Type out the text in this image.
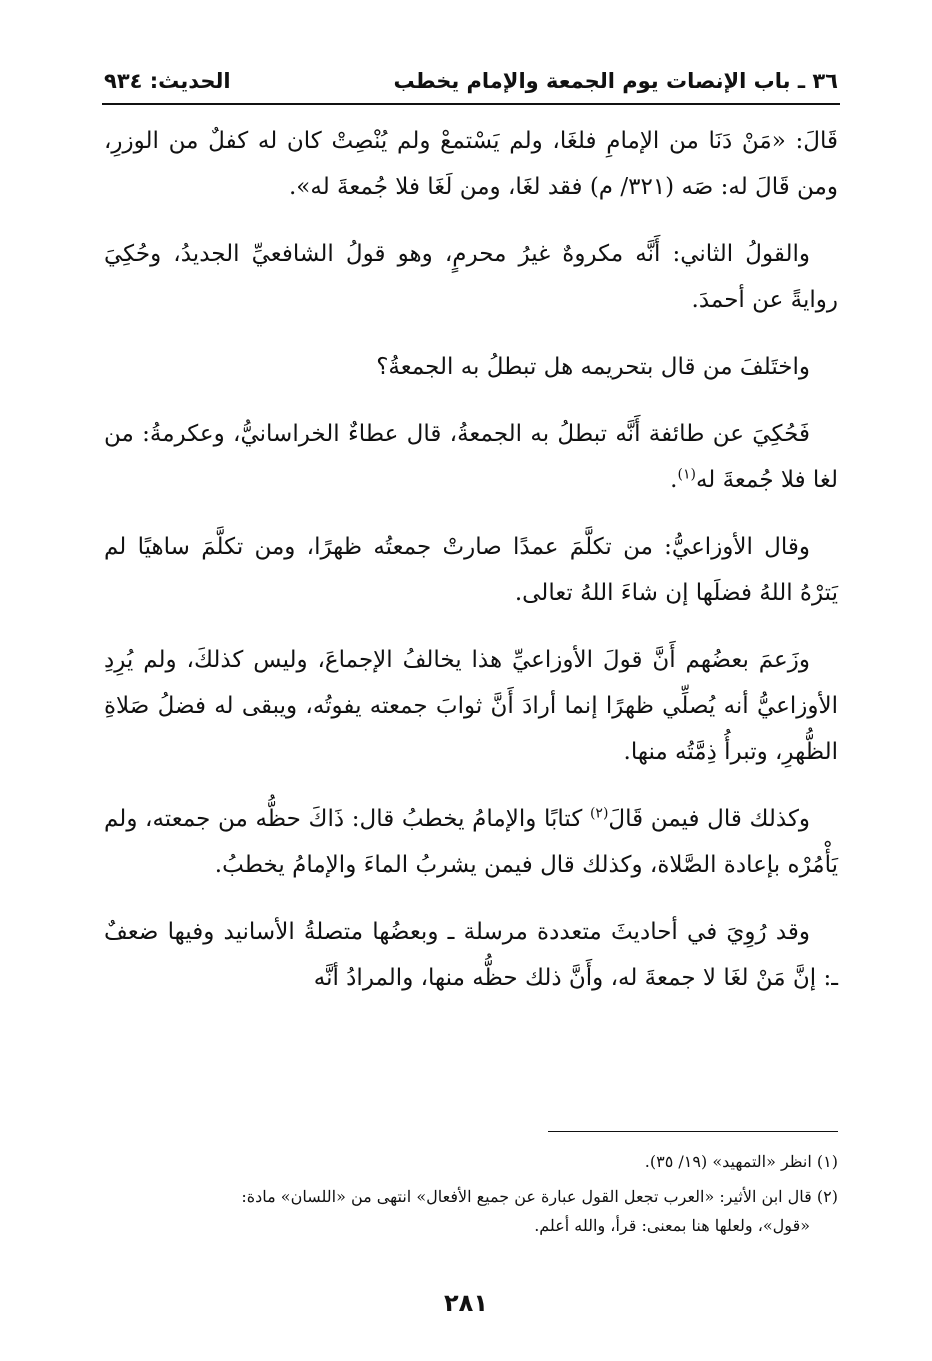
٣٦ ـ باب الإنصات يوم الجمعة والإمام يخطب
الحديث: ٩٣٤

قَالَ: «مَنْ دَنَا من الإمامِ فلغَا، ولم يَسْتمعْ ولم يُنْصِتْ كان له كفلٌ من الوزرِ، ومن قَالَ له: صَه (٣٢١/ م) فقد لغَا، ومن لَغَا فلا جُمعةَ له».

والقولُ الثاني: أَنَّه مكروهٌ غيرُ محرمٍ، وهو قولُ الشافعيِّ الجديدُ، وحُكِيَ روايةً عن أحمدَ.

واختَلفَ من قال بتحريمه هل تبطلُ به الجمعةُ؟

فَحُكِيَ عن طائفة أَنَّه تبطلُ به الجمعةُ، قال عطاءٌ الخراسانيُّ، وعكرمةُ: من لغا فلا جُمعةَ له$^{(١)}$.

وقال الأوزاعيُّ: من تكلَّمَ عمدًا صارتْ جمعتُه ظهرًا، ومن تكلَّمَ ساهيًا لم يَترْهُ اللهُ فضلَها إن شاءَ اللهُ تعالى.

وزَعمَ بعضُهم أَنَّ قولَ الأوزاعيِّ هذا يخالفُ الإجماعَ، وليس كذلكَ، ولم يُرِدِ الأوزاعيُّ أنه يُصلِّي ظهرًا إنما أرادَ أَنَّ ثوابَ جمعته يفوتُه، ويبقى له فضلُ صَلاةِ الظُّهرِ، وتبرأُ ذِمَّتُه منها.

وكذلك قال فيمن قَالَ$^{(٢)}$ كتابًا والإمامُ يخطبُ قال: ذَاكَ حظُّه من جمعته، ولم يَأْمُرْه بإعادة الصَّلاة، وكذلك قال فيمن يشربُ الماءَ والإمامُ يخطبُ.

وقد رُوِيَ في أحاديثَ متعددة مرسلة ـ وبعضُها متصلةُ الأسانيد وفيها ضعفٌ ـ: إنَّ مَنْ لغَا لا جمعةَ له، وأَنَّ ذلك حظُّه منها، والمرادُ أنَّه

(١) انظر «التمهيد» (١٩/ ٣٥).

(٢) قال ابن الأثير: «العرب تجعل القول عبارة عن جميع الأفعال» انتهى من «اللسان» مادة:
«قول»، ولعلها هنا بمعنى: قرأ، والله أعلم.

٢٨١
